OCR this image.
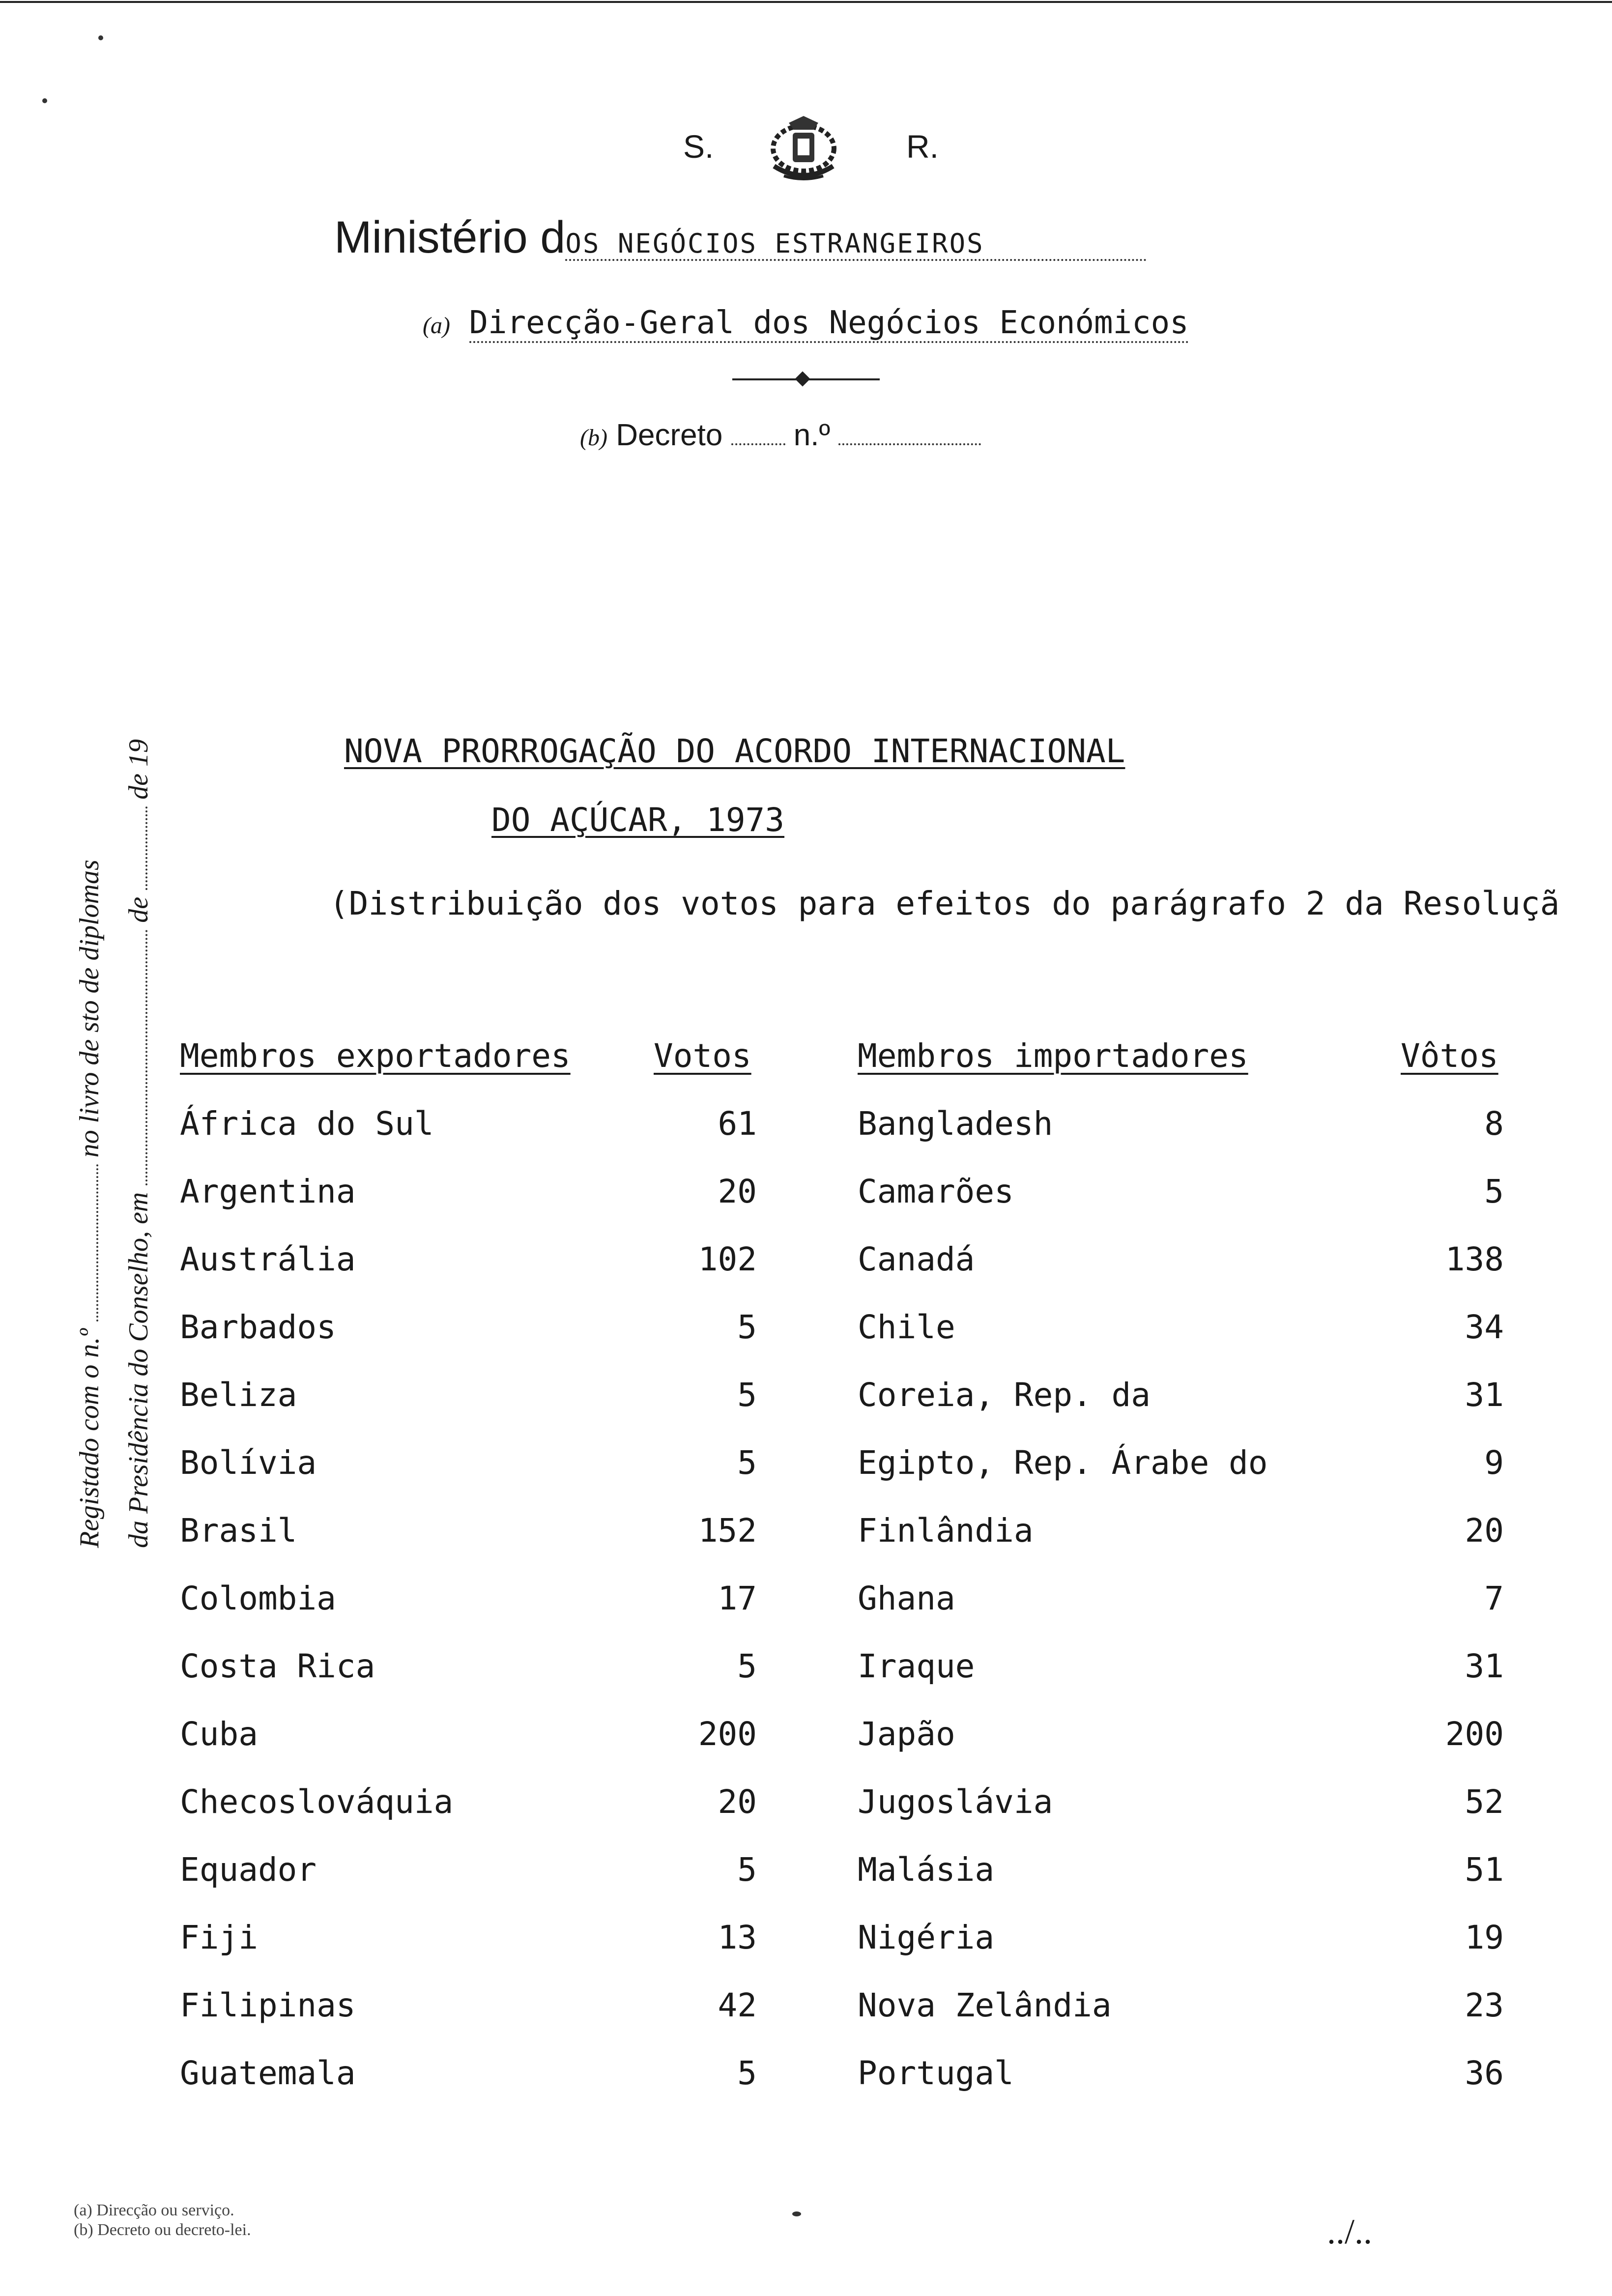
S.	R.
Ministério dOS NEGÓCIOS ESTRANGEIROS
(a) Direcção-Geral dos Negócios Económicos
(b) Decreto n.º
Registado com o n.º  no livro de sto de diplomas
da Presidência do Conselho, em  de  de 19	NOVA PRORROGAÇÃO DO ACORDO INTERNACIONAL
DO AÇÚCAR, 1973
(Distribuição dos votos para efeitos do parágrafo 2 da Resoluçã
Membros exportadores	Votos	Membros importadores	Vôtos
África do Sul	61	Bangladesh	8
Argentina	20	Camarões	5
Austrália	102	Canadá	138
Barbados	5	Chile	34
Beliza	5	Coreia, Rep. da	31
Bolívia	5	Egipto, Rep. Árabe do	9
Brasil	152	Finlândia	20
Colombia	17	Ghana	7
Costa Rica	5	Iraque	31
Cuba	200	Japão	200
Checoslováquia	20	Jugoslávia	52
Equador	5	Malásia	51
Fiji	13	Nigéria	19
Filipinas	42	Nova Zelândia	23
Guatemala	5	Portugal	36
(a) Direcção ou serviço.
(b) Decreto ou decreto-lei.	../..
